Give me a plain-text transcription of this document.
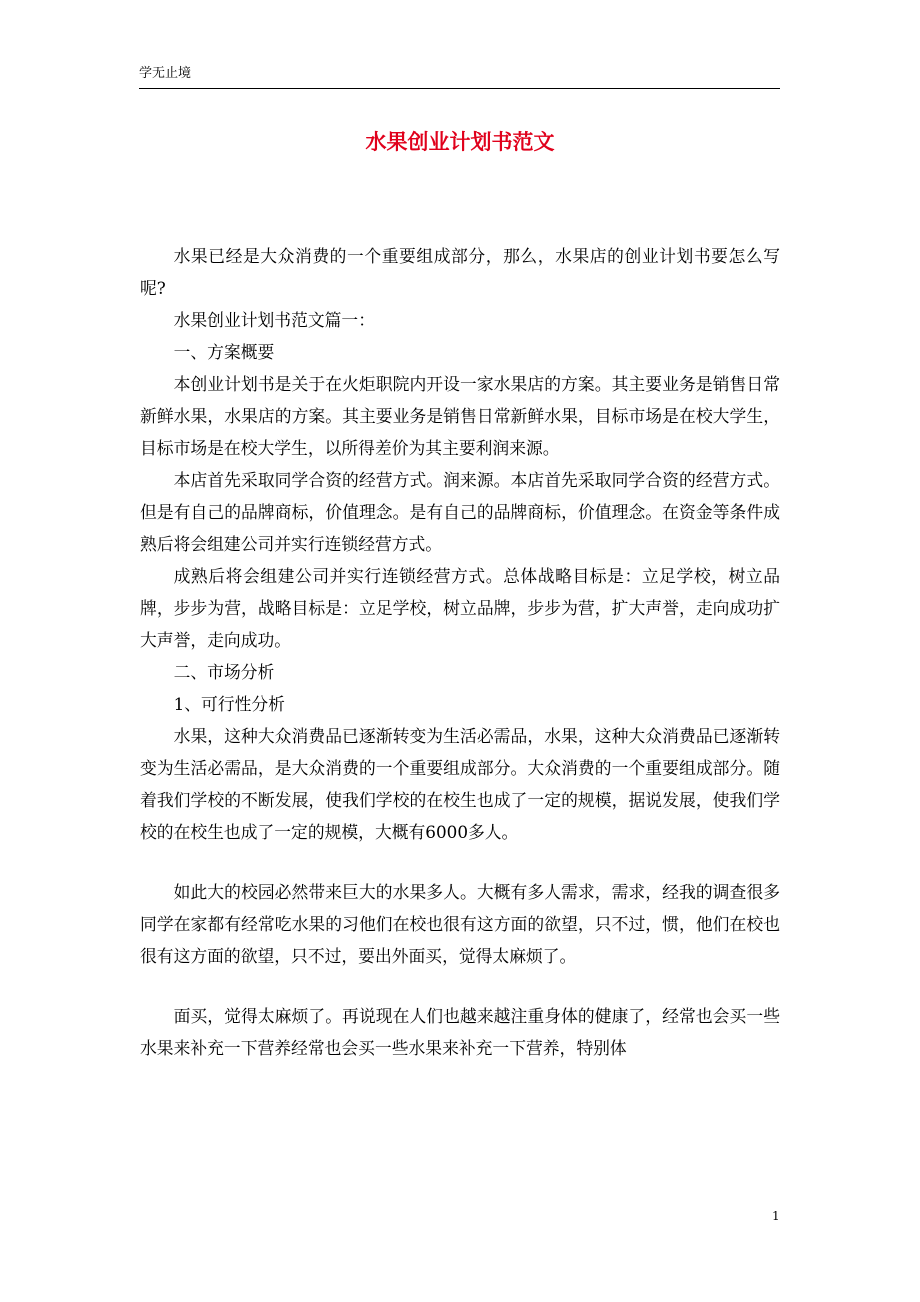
学无止境
水果创业计划书范文

水果已经是大众消费的一个重要组成部分，那么，水果店的创业计划书要怎么写呢?

水果创业计划书范文篇一：

一、方案概要

本创业计划书是关于在火炬职院内开设一家水果店的方案。其主要业务是销售日常新鲜水果，水果店的方案。其主要业务是销售日常新鲜水果，目标市场是在校大学生，目标市场是在校大学生，以所得差价为其主要利润来源。

本店首先采取同学合资的经营方式。润来源。本店首先采取同学合资的经营方式。但是有自己的品牌商标，价值理念。是有自己的品牌商标，价值理念。在资金等条件成熟后将会组建公司并实行连锁经营方式。

成熟后将会组建公司并实行连锁经营方式。总体战略目标是：立足学校，树立品牌，步步为营，战略目标是：立足学校，树立品牌，步步为营，扩大声誉，走向成功扩大声誉，走向成功。

二、市场分析

1、可行性分析

水果，这种大众消费品已逐渐转变为生活必需品，水果，这种大众消费品已逐渐转变为生活必需品，是大众消费的一个重要组成部分。大众消费的一个重要组成部分。随着我们学校的不断发展，使我们学校的在校生也成了一定的规模，据说发展，使我们学校的在校生也成了一定的规模，大概有6000多人。

如此大的校园必然带来巨大的水果多人。大概有多人需求，需求，经我的调查很多同学在家都有经常吃水果的习他们在校也很有这方面的欲望，只不过，惯，他们在校也很有这方面的欲望，只不过，要出外面买，觉得太麻烦了。

面买，觉得太麻烦了。再说现在人们也越来越注重身体的健康了，经常也会买一些水果来补充一下营养经常也会买一些水果来补充一下营养，特别体

1
